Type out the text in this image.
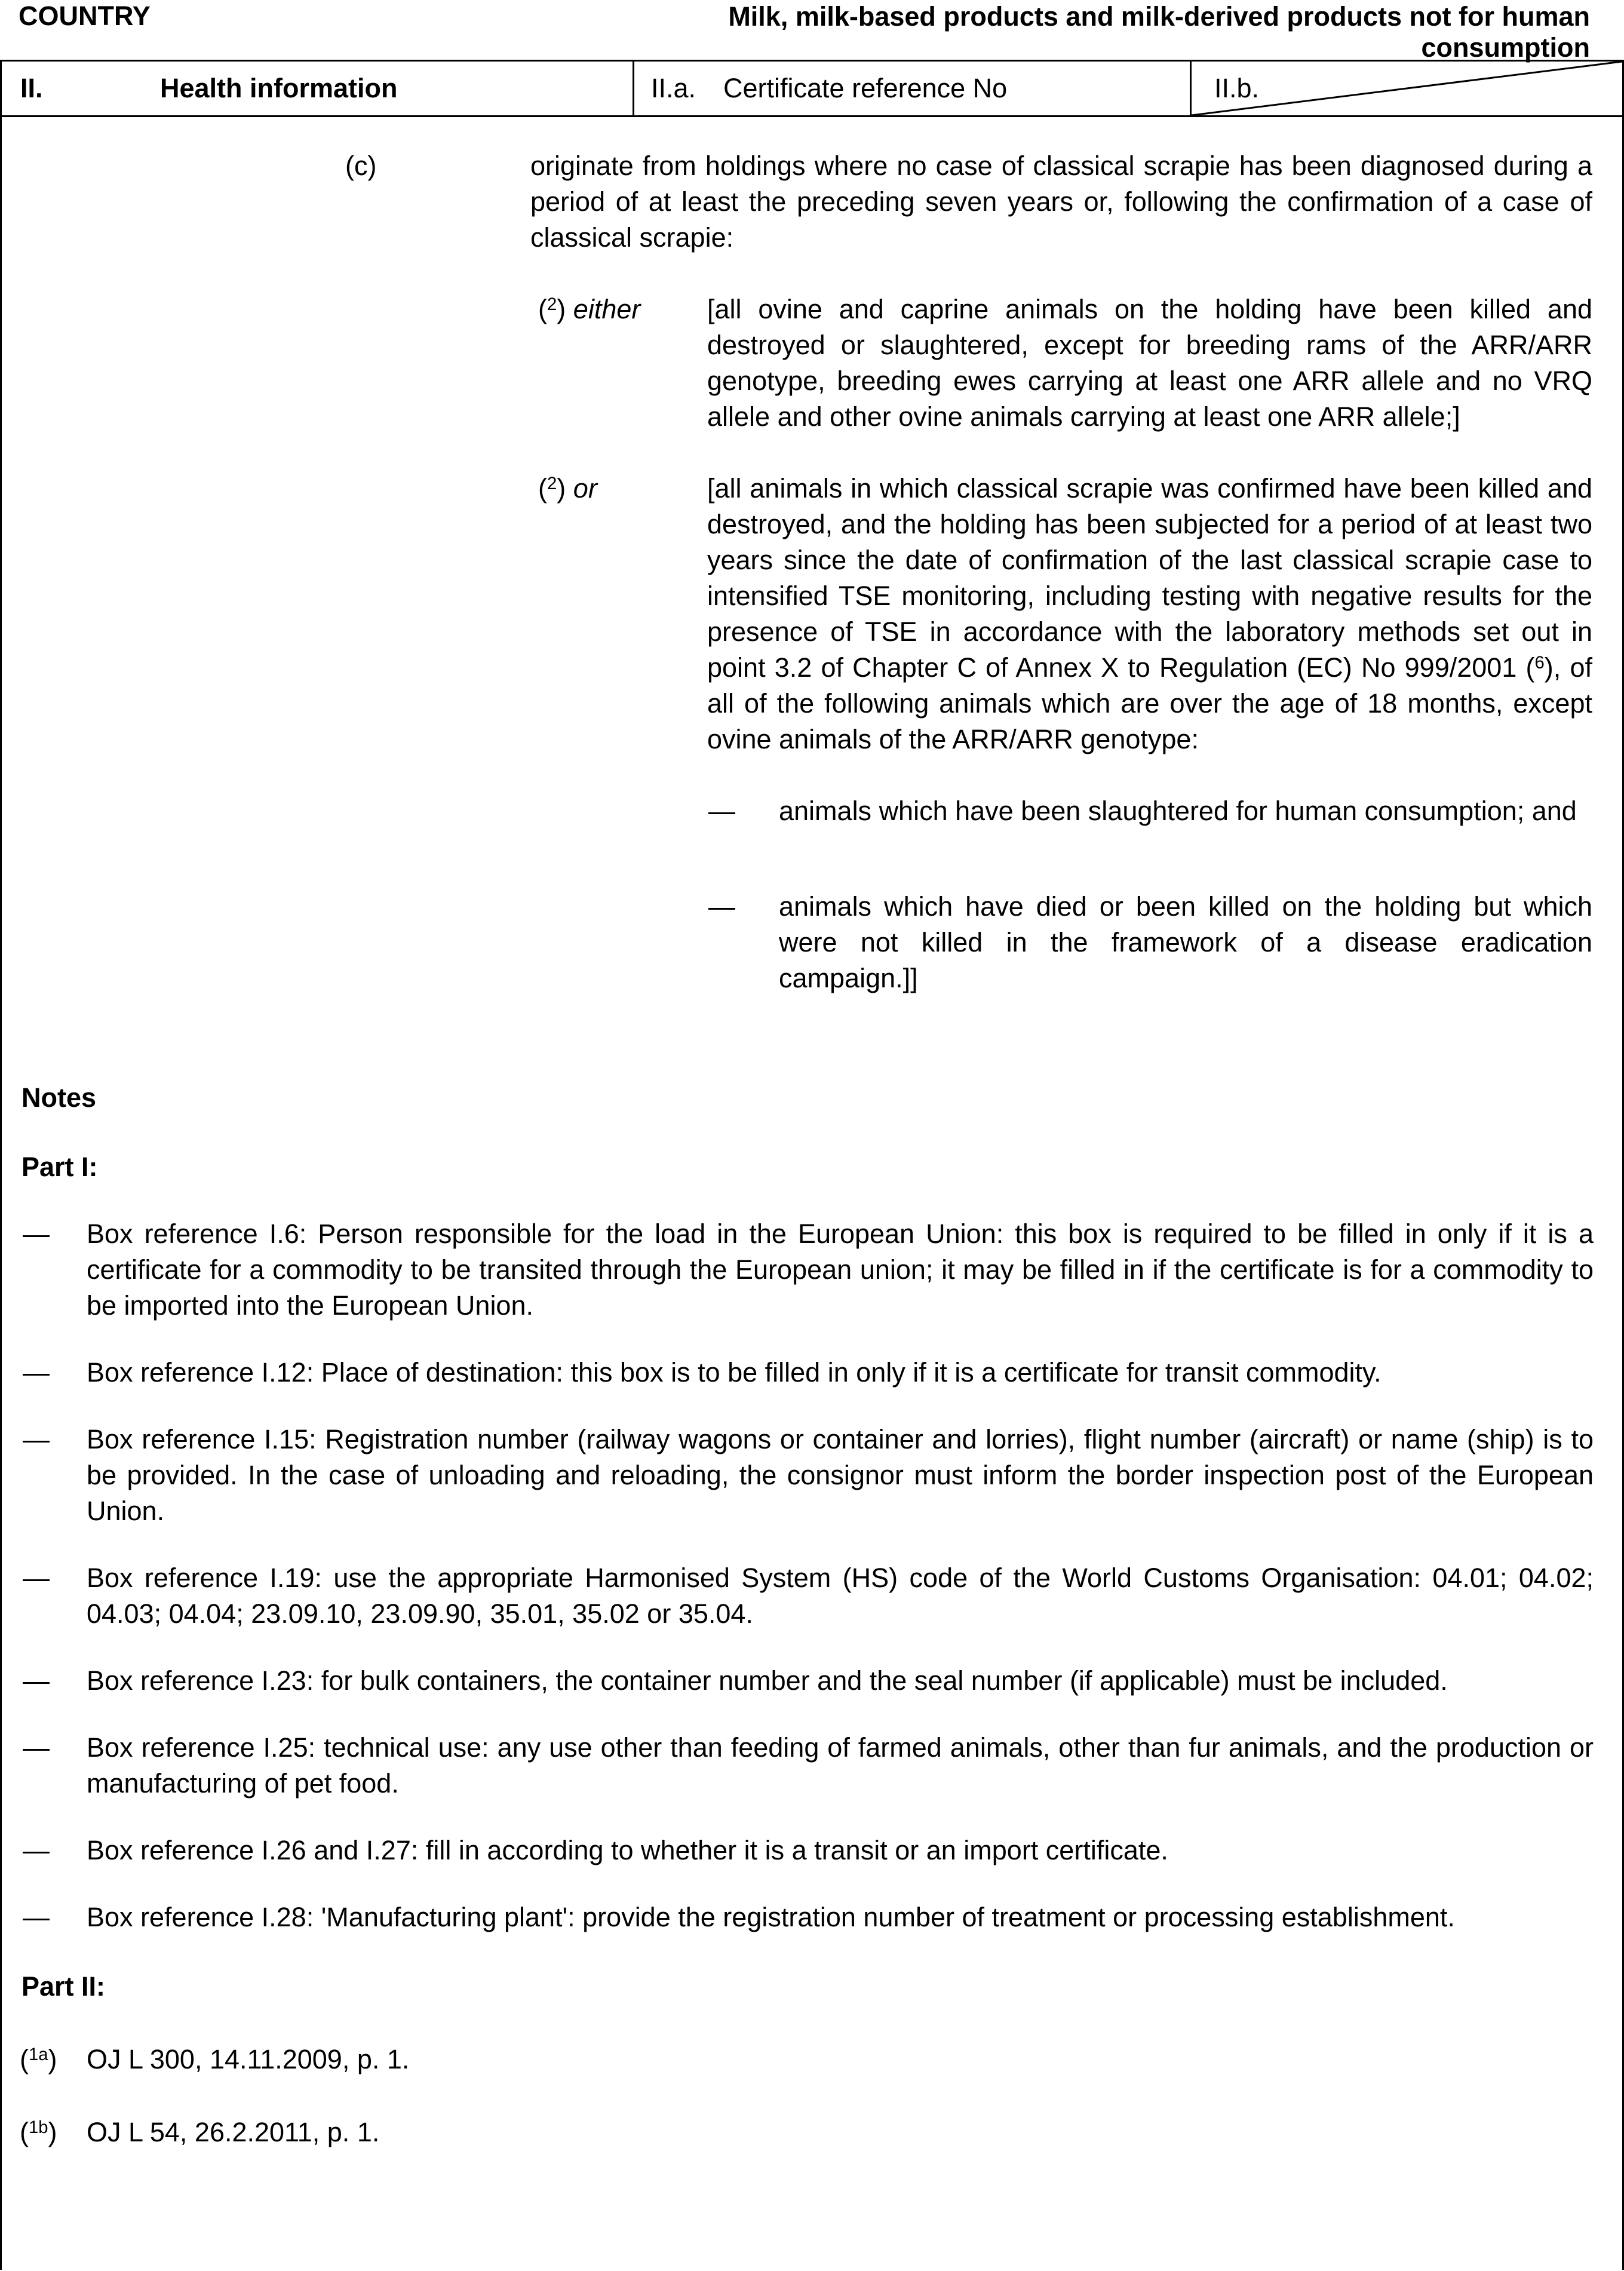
COUNTRY	Milk, milk-based products and milk-derived products not for human consumption
II.	Health information	II.a.	Certificate reference No	II.b.
(c)	originate from holdings where no case of classical scrapie has been diagnosed during a period of at least the preceding seven years or, following the confirmation of a case of classical scrapie:
($^2$) either	[all ovine and caprine animals on the holding have been killed and destroyed or slaughtered, except for breeding rams of the ARR/ARR genotype, breeding ewes carrying at least one ARR allele and no VRQ allele and other ovine animals carrying at least one ARR allele;]
($^2$) or	[all animals in which classical scrapie was confirmed have been killed and destroyed, and the holding has been subjected for a period of at least two years since the date of confirmation of the last classical scrapie case to intensified TSE monitoring, including testing with negative results for the presence of TSE in accordance with the laboratory methods set out in point 3.2 of Chapter C of Annex X to Regulation (EC) No 999/2001 ($^6$), of all of the following animals which are over the age of 18 months, except ovine animals of the ARR/ARR genotype:
—	animals which have been slaughtered for human consumption; and
—	animals which have died or been killed on the holding but which were not killed in the framework of a disease eradication campaign.]]
Notes
Part I:
—	Box reference I.6: Person responsible for the load in the European Union: this box is required to be filled in only if it is a certificate for a commodity to be transited through the European union; it may be filled in if the certificate is for a commodity to be imported into the European Union.
—	Box reference I.12: Place of destination: this box is to be filled in only if it is a certificate for transit commodity.
—	Box reference I.15: Registration number (railway wagons or container and lorries), flight number (aircraft) or name (ship) is to be provided. In the case of unloading and reloading, the consignor must inform the border inspection post of the European Union.
—	Box reference I.19: use the appropriate Harmonised System (HS) code of the World Customs Organisation: 04.01; 04.02; 04.03; 04.04; 23.09.10, 23.09.90, 35.01, 35.02 or 35.04.
—	Box reference I.23: for bulk containers, the container number and the seal number (if applicable) must be included.
—	Box reference I.25: technical use: any use other than feeding of farmed animals, other than fur animals, and the production or manufacturing of pet food.
—	Box reference I.26 and I.27: fill in according to whether it is a transit or an import certificate.
—	Box reference I.28: 'Manufacturing plant': provide the registration number of treatment or processing establishment.
Part II:
($^{1a}$)	OJ L 300, 14.11.2009, p. 1.
($^{1b}$)	OJ L 54, 26.2.2011, p. 1.
